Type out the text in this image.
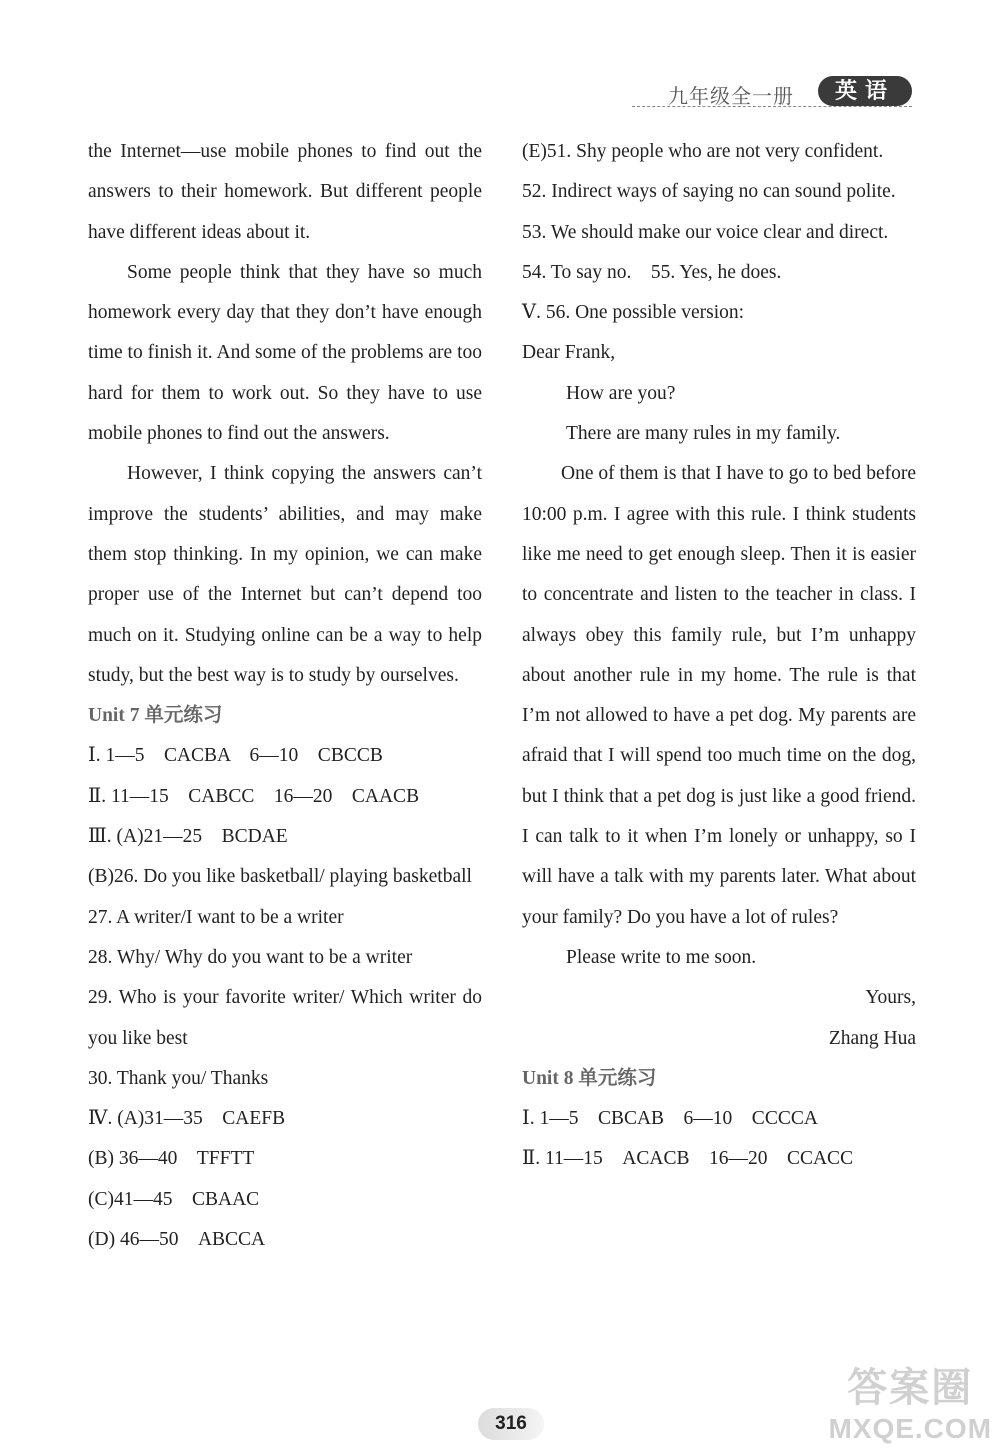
九年级全一册	英语

the Internet—use mobile phones to find out the answers to their homework. But different people have different ideas about it.

Some people think that they have so much homework every day that they don’t have enough time to finish it. And some of the problems are too hard for them to work out. So they have to use mobile phones to find out the answers.

However, I think copying the answers can’t improve the students’ abilities, and may make them stop thinking. In my opinion, we can make proper use of the Internet but can’t depend too much on it. Studying online can be a way to help study, but the best way is to study by ourselves.

Unit 7 单元练习

Ⅰ. 1—5　CACBA　6—10　CBCCB

Ⅱ. 11—15　CABCC　16—20　CAACB

Ⅲ. (A)21—25　BCDAE

(B)26. Do you like basketball/ playing basketball

27. A writer/I want to be a writer

28. Why/ Why do you want to be a writer

29. Who is your favorite writer/ Which writer do you like best

30. Thank you/ Thanks

Ⅳ. (A)31—35　CAEFB

(B) 36—40　TFFTT

(C)41—45　CBAAC

(D) 46—50　ABCCA

(E)51. Shy people who are not very confident.

52. Indirect ways of saying no can sound polite.

53. We should make our voice clear and direct.

54. To say no.　55. Yes, he does.

Ⅴ. 56. One possible version:

Dear Frank,

How are you?

There are many rules in my family.

One of them is that I have to go to bed before 10:00 p.m. I agree with this rule. I think students like me need to get enough sleep. Then it is easier to concentrate and listen to the teacher in class. I always obey this family rule, but I’m unhappy about another rule in my home. The rule is that I’m not allowed to have a pet dog. My parents are afraid that I will spend too much time on the dog, but I think that a pet dog is just like a good friend. I can talk to it when I’m lonely or unhappy, so I will have a talk with my parents later. What about your family? Do you have a lot of rules?

Please write to me soon.

Yours,

Zhang Hua

Unit 8 单元练习

Ⅰ. 1—5　CBCAB　6—10　CCCCA

Ⅱ. 11—15　ACACB　16—20　CCACC

316
答案圈
MXQE.COM
